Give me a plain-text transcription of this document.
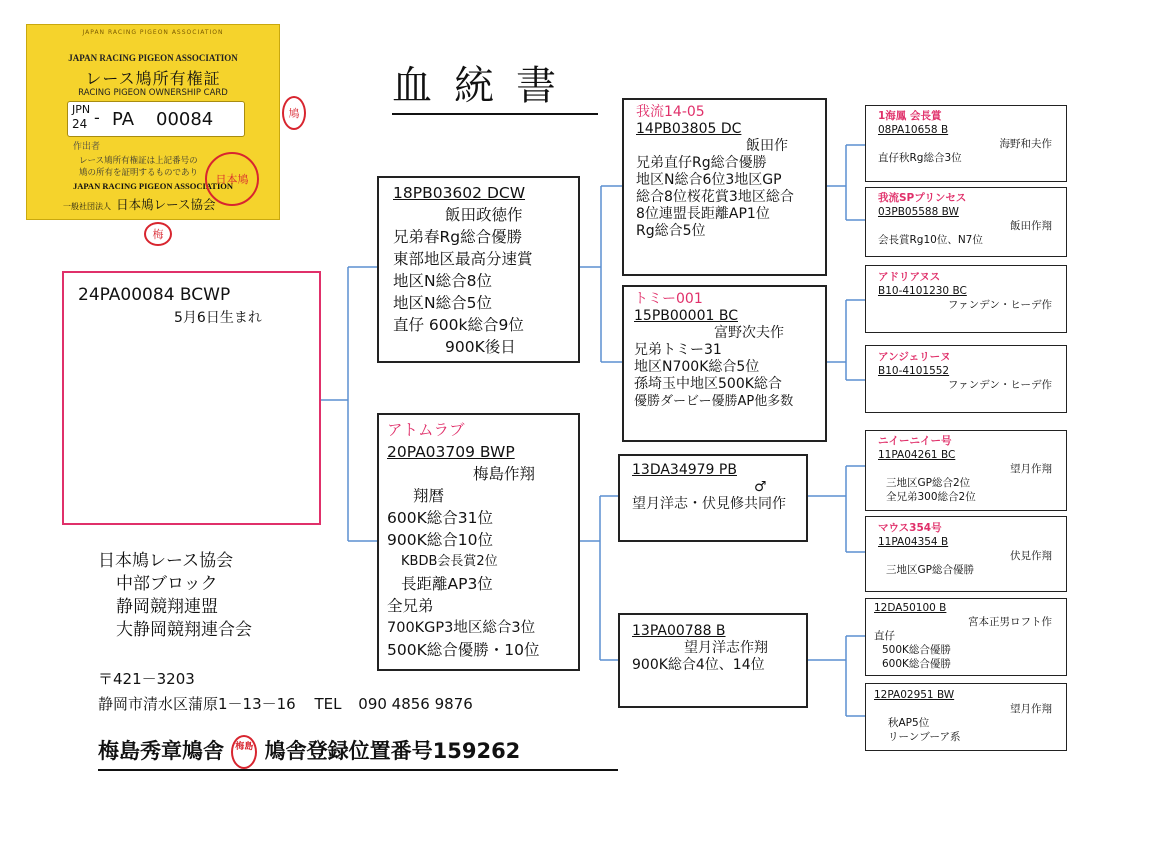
JAPAN RACING PIGEON ASSOCIATION
JAPAN RACING PIGEON ASSOCIATION
レース鳩所有権証
RACING PIGEON OWNERSHIP CARD
JPN
24 - PA 00084
作出者
レース鳩所有権証は上記番号の
鳩の所有を証明するものであり
JAPAN RACING PIGEON ASSOCIATION
一般社団法人 日本鳩レース協会
日本鳩
鳩
梅
血統書
24PA00084 BCWP
5月6日生まれ
18PB03602 DCW
飯田政徳作
兄弟春Rg総合優勝
東部地区最高分速賞
地区N総合8位
地区N総合5位
直仔 600k総合9位
900K後日
アトムラブ
20PA03709 BWP
梅島作翔
翔暦
600K総合31位
900K総合10位
KBDB会長賞2位
長距離AP3位
全兄弟
700KGP3地区総合3位
500K総合優勝・10位
我流14-05
14PB03805 DC
飯田作
兄弟直仔Rg総合優勝
地区N総合6位3地区GP
総合8位桜花賞3地区総合
8位連盟長距離AP1位
Rg総合5位
トミー001
15PB00001 BC
富野次夫作
兄弟トミー31
地区N700K総合5位
孫埼玉中地区500K総合
優勝ダービー優勝AP他多数
13DA34979 PB
♂
望月洋志・伏見修共同作
13PA00788 B
望月洋志作翔
900K総合4位、14位
1海鳳 会長賞
08PA10658 B
海野和夫作
直仔秋Rg総合3位
我流SPプリンセス
03PB05588 BW
飯田作翔
会長賞Rg10位、N7位
アドリアヌス
B10-4101230 BC
ファンデン・ヒーデ作
アンジェリーヌ
B10-4101552
ファンデン・ヒーデ作
ニイーニイー号
11PA04261 BC
望月作翔
三地区GP総合2位
全兄弟300総合2位
マウス354号
11PA04354 B
伏見作翔
三地区GP総合優勝
12DA50100 B
宮本正男ロフト作
直仔
500K総合優勝
600K総合優勝
12PA02951 BW
望月作翔
秋AP5位
リーンブーア系
日本鳩レース協会
中部ブロック
静岡競翔連盟
大静岡競翔連合会
〒421－3203
静岡市清水区蒲原1－13－16 TEL 090 4856 9876
梅島秀章鳩舎 梅島 鳩舎登録位置番号159262
